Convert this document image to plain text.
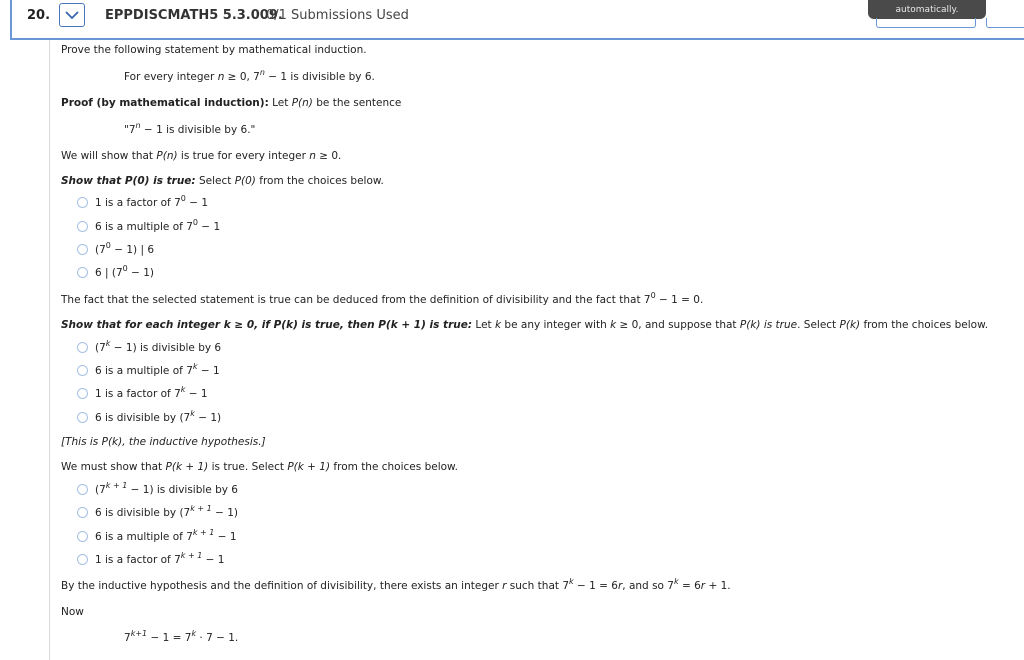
20.	EPPDISCMATH5 5.3.009.
0/1 Submissions Used	automatically.
Prove the following statement by mathematical induction.
For every integer n ≥ 0, $7^n - 1$ is divisible by 6.
Proof (by mathematical induction): Let P(n) be the sentence
"$7^n - 1$ is divisible by 6."
We will show that P(n) is true for every integer n ≥ 0.
Show that P(0) is true: Select P(0) from the choices below.
1 is a factor of $7^0 - 1$
6 is a multiple of $7^0 - 1$
$(7^0 - 1)$ | 6
6 | $(7^0 - 1)$
The fact that the selected statement is true can be deduced from the definition of divisibility and the fact that $7^0 - 1 = 0$.
Show that for each integer k ≥ 0, if P(k) is true, then P(k + 1) is true: Let k be any integer with k ≥ 0, and suppose that P(k) is true. Select P(k) from the choices below.
$(7^k - 1)$ is divisible by 6
6 is a multiple of $7^k - 1$
1 is a factor of $7^k - 1$
6 is divisible by $(7^k - 1)$
[This is P(k), the inductive hypothesis.]
We must show that P(k + 1) is true. Select P(k + 1) from the choices below.
$(7^{k + 1} - 1)$ is divisible by 6
6 is divisible by $(7^{k + 1} - 1)$
6 is a multiple of $7^{k + 1} - 1$
1 is a factor of $7^{k + 1} - 1$
By the inductive hypothesis and the definition of divisibility, there exists an integer r such that $7^k - 1 = 6r$, and so $7^k = 6r + 1$.
Now
$7^{k+1} - 1 = 7^k \cdot 7 - 1$.
